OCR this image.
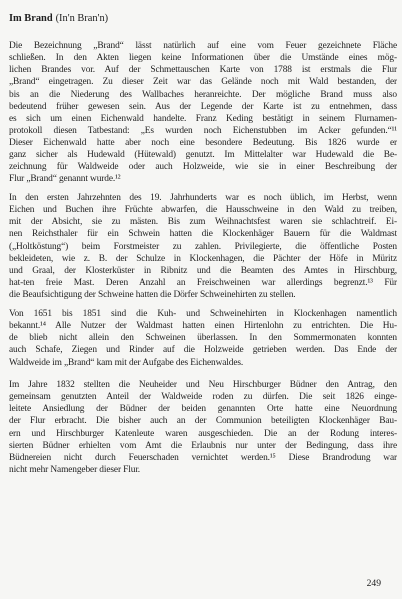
Im Brand (In'n Bran'n)
Die Bezeichnung „Brand“ lässt natürlich auf eine vom Feuer gezeichnete Fläche
schließen. In den Akten liegen keine Informationen über die Umstände eines mög-
lichen Brandes vor. Auf der Schmettauschen Karte von 1788 ist erstmals die Flur
„Brand“ eingetragen. Zu dieser Zeit war das Gelände noch mit Wald bestanden, der
bis an die Niederung des Wallbaches heranreichte. Der mögliche Brand muss also
bedeutend früher gewesen sein. Aus der Legende der Karte ist zu entnehmen, dass
es sich um einen Eichenwald handelte. Franz Keding bestätigt in seinem Flurnamen-
protokoll diesen Tatbestand: „Es wurden noch Eichenstubben im Acker gefunden.“¹¹
Dieser Eichenwald hatte aber noch eine besondere Bedeutung. Bis 1826 wurde er
ganz sicher als Hudewald (Hütewald) genutzt. Im Mittelalter war Hudewald die Be-
zeichnung für Waldweide oder auch Holzweide, wie sie in einer Beschreibung der
Flur „Brand“ genannt wurde.¹²
In den ersten Jahrzehnten des 19. Jahrhunderts war es noch üblich, im Herbst, wenn
Eichen und Buchen ihre Früchte abwarfen, die Hausschweine in den Wald zu treiben,
mit der Absicht, sie zu mästen. Bis zum Weihnachtsfest waren sie schlachtreif. Ei-
nen Reichsthaler für ein Schwein hatten die Klockenhäger Bauern für die Waldmast
(„Holtköstung“) beim Forstmeister zu zahlen. Privilegierte, die öffentliche Posten
bekleideten, wie z. B. der Schulze in Klockenhagen, die Pächter der Höfe in Müritz
und Graal, der Klosterküster in Ribnitz und die Beamten des Amtes in Hirschburg,
hat-ten freie Mast. Deren Anzahl an Freischweinen war allerdings begrenzt.¹³ Für
die Beaufsichtigung der Schweine hatten die Dörfer Schweinehirten zu stellen.
Von 1651 bis 1851 sind die Kuh- und Schweinehirten in Klockenhagen namentlich
bekannt.¹⁴ Alle Nutzer der Waldmast hatten einen Hirtenlohn zu entrichten. Die Hu-
de blieb nicht allein den Schweinen überlassen. In den Sommermonaten konnten
auch Schafe, Ziegen und Rinder auf die Holzweide getrieben werden. Das Ende der
Waldweide im „Brand“ kam mit der Aufgabe des Eichenwaldes.
Im Jahre 1832 stellten die Neuheider und Neu Hirschburger Büdner den Antrag, den
gemeinsam genutzten Anteil der Waldweide roden zu dürfen. Die seit 1826 einge-
leitete Ansiedlung der Büdner der beiden genannten Orte hatte eine Neuordnung
der Flur erbracht. Die bisher auch an der Communion beteiligten Klockenhäger Bau-
ern und Hirschburger Katenleute waren ausgeschieden. Die an der Rodung interes-
sierten Büdner erhielten vom Amt die Erlaubnis nur unter der Bedingung, dass ihre
Büdnereien nicht durch Feuerschaden vernichtet werden.¹⁵ Diese Brandrodung war
nicht mehr Namengeber dieser Flur.
249
